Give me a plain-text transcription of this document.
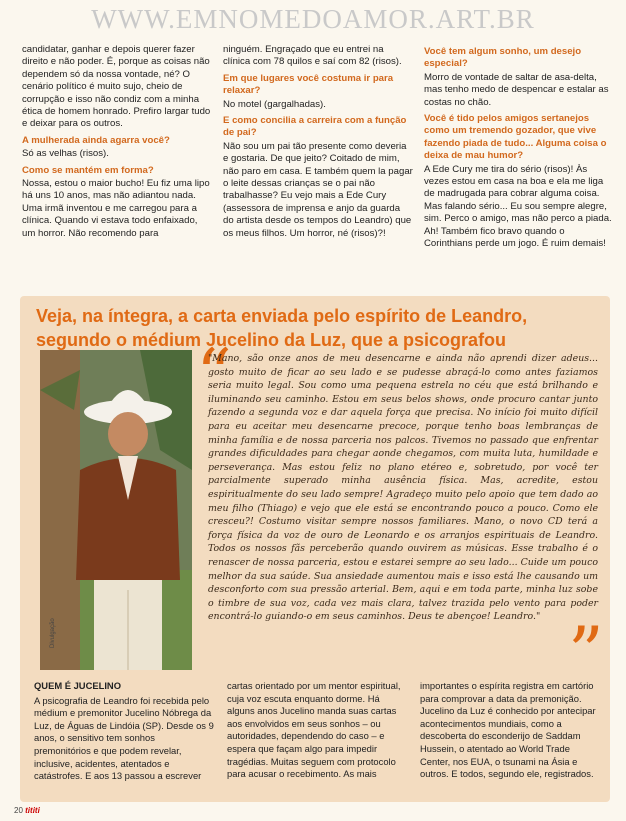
WWW.EMNOMEDOAMOR.ART.BR

candidatar, ganhar e depois querer fazer direito e não poder. É, porque as coisas não dependem só da nossa vontade, né? O cenário político é muito sujo, cheio de corrupção e isso não condiz com a minha ética de homem honrado. Prefiro largar tudo e deixar para os outros.

A mulherada ainda agarra você?

Só as velhas (risos).

Como se mantém em forma?

Nossa, estou o maior bucho! Eu fiz uma lipo há uns 10 anos, mas não adiantou nada. Uma irmã inventou e me carregou para a clínica. Quando vi estava todo enfaixado, um horror. Não recomendo para

ninguém. Engraçado que eu entrei na clínica com 78 quilos e saí com 82 (risos).

Em que lugares você costuma ir para relaxar?

No motel (gargalhadas).

E como concilia a carreira com a função de pai?

Não sou um pai tão presente como deveria e gostaria. De que jeito? Coitado de mim, não paro em casa. E também quem la pagar o leite dessas crianças se o pai não trabalhasse? Eu vejo mais a Ede Cury (assessora de imprensa e anjo da guarda do artista desde os tempos do Leandro) que os meus filhos. Um horror, né (risos)?!

Você tem algum sonho, um desejo especial?

Morro de vontade de saltar de asa-delta, mas tenho medo de despencar e estalar as costas no chão.

Você é tido pelos amigos sertanejos como um tremendo gozador, que vive fazendo piada de tudo... Alguma coisa o deixa de mau humor?

A Ede Cury me tira do sério (risos)! Às vezes estou em casa na boa e ela me liga de madrugada para cobrar alguma coisa. Mas falando sério... Eu sou sempre alegre, sim. Perco o amigo, mas não perco a piada. Ah! Também fico bravo quando o Corinthians perde um jogo. É ruim demais!

Veja, na íntegra, a carta enviada pelo espírito de Leandro, segundo o médium Jucelino da Luz, que a psicografou
Divulgação
“
"Mano, são onze anos de meu desencarne e ainda não aprendi dizer adeus... gosto muito de ficar ao seu lado e se pudesse abraçá-lo como antes faziamos seria muito legal. Sou como uma pequena estrela no céu que está brilhando e iluminando seu caminho. Estou em seus belos shows, onde procuro cantar junto fazendo a segunda voz e dar aquela força que precisa. No início foi muito difícil para eu aceitar meu desencarne precoce, porque tenho boas lembranças de minha família e de nossa parceria nos palcos. Tivemos no passado que enfrentar grandes dificuldades para chegar aonde chegamos, com muita luta, humildade e perseverança. Mas estou feliz no plano etéreo e, sobretudo, por você ter parcialmente superado minha ausência física. Mas, acredite, estou espiritualmente do seu lado sempre! Agradeço muito pelo apoio que tem dado ao meu filho (Thiago) e vejo que ele está se encontrando pouco a pouco. Como ele cresceu?! Costumo visitar sempre nossos familiares. Mano, o novo CD terá a força física da voz de ouro de Leonardo e os arranjos espirituais de Leandro. Todos os nossos fãs perceberão quando ouvirem as músicas. Esse trabalho é o renascer de nossa parceria, estou e estarei sempre ao seu lado... Cuide um pouco melhor da sua saúde. Sua ansiedade aumentou mais e isso está lhe causando um desconforto com sua pressão arterial. Bem, aqui e em toda parte, minha luz sobe o timbre de sua voz, cada vez mais clara, talvez trazida pelo vento para poder encontrá-lo guiando-o em seus caminhos. Deus te abençoe! Leandro." ”
QUEM É JUCELINO

A psicografia de Leandro foi recebida pelo médium e premonitor Jucelino Nóbrega da Luz, de Águas de Lindóia (SP). Desde os 9 anos, o sensitivo tem sonhos premonitórios e que podem revelar, inclusive, acidentes, atentados e catástrofes. E aos 13 passou a escrever

cartas orientado por um mentor espiritual, cuja voz escuta enquanto dorme. Há alguns anos Jucelino manda suas cartas aos envolvidos em seus sonhos – ou autoridades, dependendo do caso – e espera que façam algo para impedir tragédias. Muitas seguem com protocolo para acusar o recebimento. As mais

importantes o espírita registra em cartório para comprovar a data da premonição. Jucelino da Luz é conhecido por antecipar acontecimentos mundiais, como a descoberta do esconderijo de Saddam Hussein, o atentado ao World Trade Center, nos EUA, o tsunami na Ásia e outros. E todos, segundo ele, registrados.

20 tititi
